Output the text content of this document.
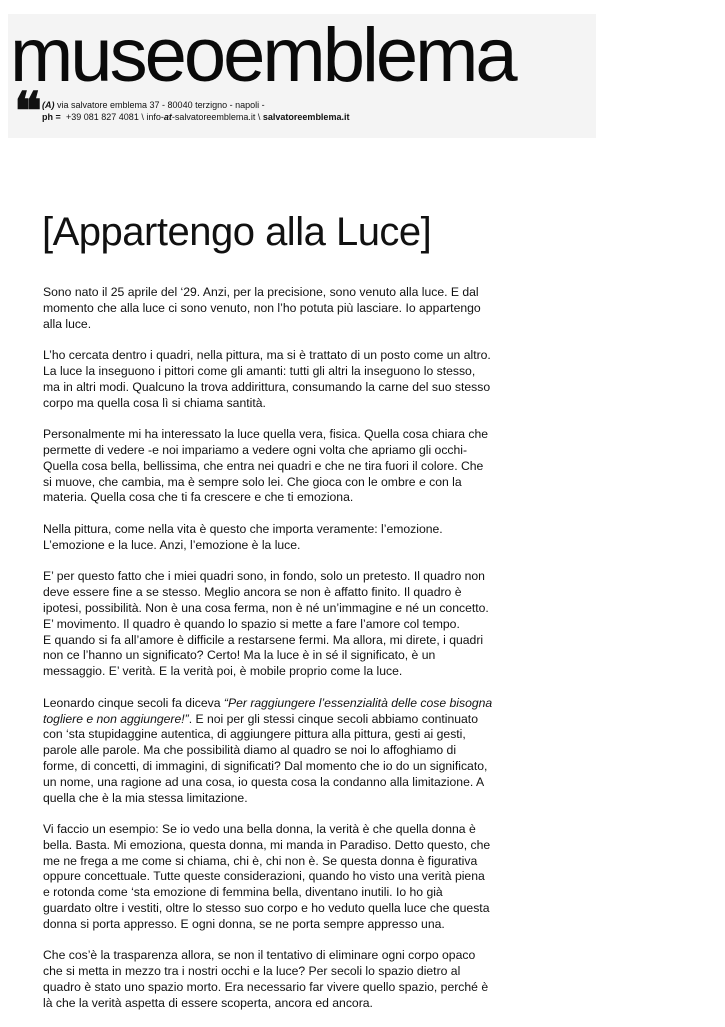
museoemblema
❝ (A) via salvatore emblema 37 - 80040 terzigno - napoli -
ph = +39 081 827 4081 \ info-at-salvatoreemblema.it \ salvatoreemblema.it
[Appartengo alla Luce]

Sono nato il 25 aprile del ‘29. Anzi, per la precisione, sono venuto alla luce. E dal momento che alla luce ci sono venuto, non l’ho potuta più lasciare. Io appartengo alla luce.

L’ho cercata dentro i quadri, nella pittura, ma si è trattato di un posto come un altro. La luce la inseguono i pittori come gli amanti: tutti gli altri la inseguono lo stesso, ma in altri modi. Qualcuno la trova addirittura, consumando la carne del suo stesso corpo ma quella cosa lì si chiama santità.

Personalmente mi ha interessato la luce quella vera, fisica. Quella cosa chiara che permette di vedere -e noi impariamo a vedere ogni volta che apriamo gli occhi- Quella cosa bella, bellissima, che entra nei quadri e che ne tira fuori il colore. Che si muove, che cambia, ma è sempre solo lei. Che gioca con le ombre e con la materia. Quella cosa che ti fa crescere e che ti emoziona.

Nella pittura, come nella vita è questo che importa veramente: l’emozione. L’emozione e la luce. Anzi, l’emozione è la luce.

E’ per questo fatto che i miei quadri sono, in fondo, solo un pretesto. Il quadro non deve essere fine a se stesso. Meglio ancora se non è affatto finito. Il quadro è ipotesi, possibilità. Non è una cosa ferma, non è né un’immagine e né un concetto. E’ movimento. Il quadro è quando lo spazio si mette a fare l’amore col tempo.

E quando si fa all’amore è difficile a restarsene fermi. Ma allora, mi direte, i quadri non ce l’hanno un significato? Certo! Ma la luce è in sé il significato, è un messaggio. E’ verità. E la verità poi, è mobile proprio come la luce.

Leonardo cinque secoli fa diceva “Per raggiungere l’essenzialità delle cose bisogna togliere e non aggiungere!”. E noi per gli stessi cinque secoli abbiamo continuato con ‘sta stupidaggine autentica, di aggiungere pittura alla pittura, gesti ai gesti, parole alle parole. Ma che possibilità diamo al quadro se noi lo affoghiamo di forme, di concetti, di immagini, di significati? Dal momento che io do un significato, un nome, una ragione ad una cosa, io questa cosa la condanno alla limitazione. A quella che è la mia stessa limitazione.

Vi faccio un esempio: Se io vedo una bella donna, la verità è che quella donna è bella. Basta. Mi emoziona, questa donna, mi manda in Paradiso. Detto questo, che me ne frega a me come si chiama, chi è, chi non è. Se questa donna è figurativa oppure concettuale. Tutte queste considerazioni, quando ho visto una verità piena e rotonda come ‘sta emozione di femmina bella, diventano inutili. Io ho già guardato oltre i vestiti, oltre lo stesso suo corpo e ho veduto quella luce che questa donna si porta appresso. E ogni donna, se ne porta sempre appresso una.

Che cos’è la trasparenza allora, se non il tentativo di eliminare ogni corpo opaco che si metta in mezzo tra i nostri occhi e la luce? Per secoli lo spazio dietro al quadro è stato uno spazio morto. Era necessario far vivere quello spazio, perché è là che la verità aspetta di essere scoperta, ancora ed ancora.
